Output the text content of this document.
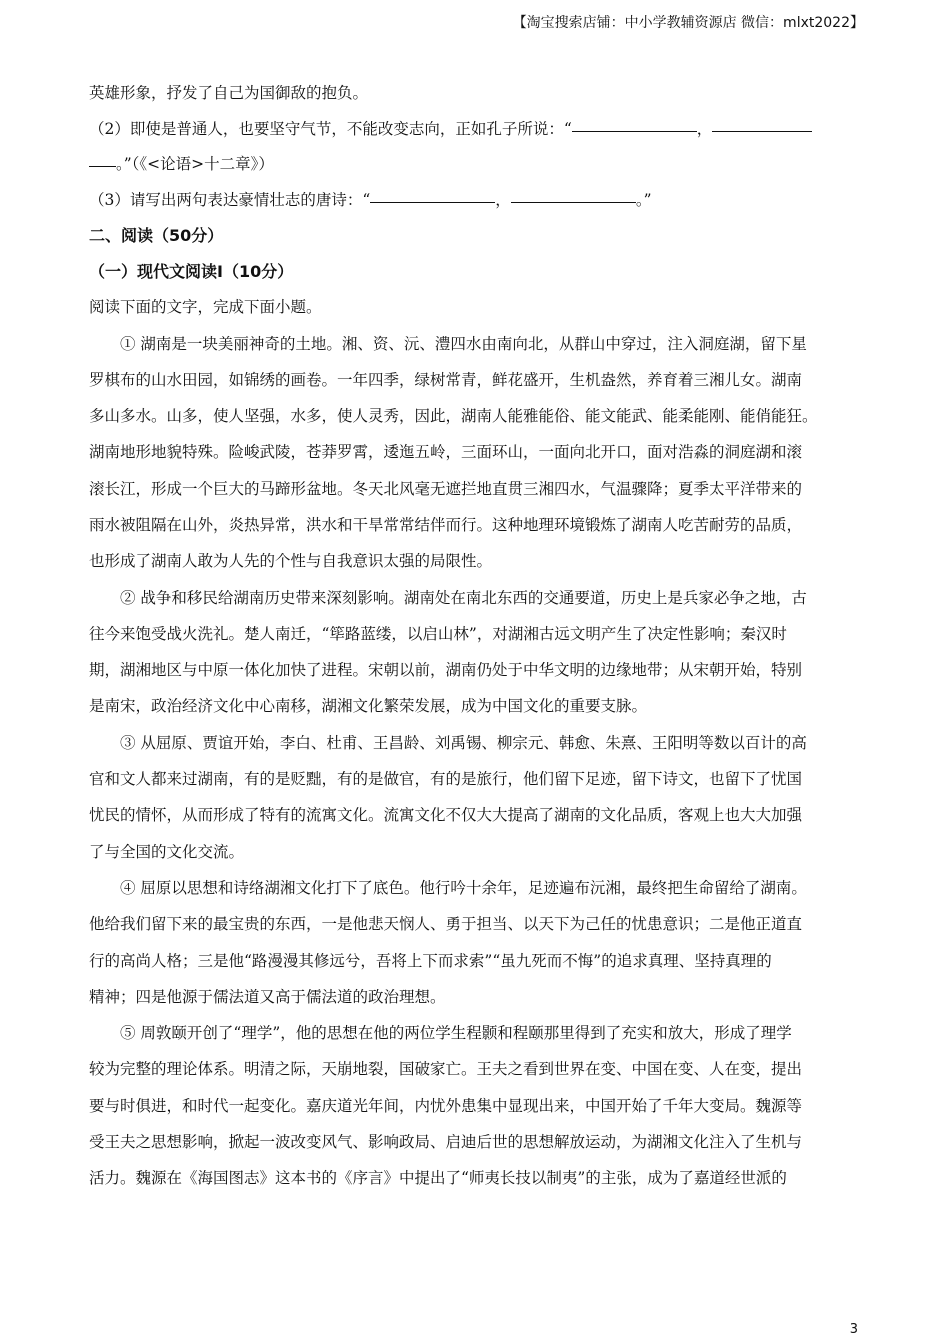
【淘宝搜索店铺：中小学教辅资源店 微信：mlxt2022】
英雄形象，抒发了自己为国御敌的抱负。
（2）即使是普通人，也要坚守气节，不能改变志向，正如孔子所说：“	，
。”（《<论语>十二章》）
（3）请写出两句表达豪情壮志的唐诗：“	，	。”
二、阅读（50分）
（一）现代文阅读Ⅰ（10分）
阅读下面的文字，完成下面小题。
① 湖南是一块美丽神奇的土地。湘、资、沅、澧四水由南向北，从群山中穿过，注入洞庭湖，留下星
罗棋布的山水田园，如锦绣的画卷。一年四季，绿树常青，鲜花盛开，生机盎然，养育着三湘儿女。湖南
多山多水。山多，使人坚强，水多，使人灵秀，因此，湖南人能雅能俗、能文能武、能柔能刚、能俏能狂。
湖南地形地貌特殊。险峻武陵，苍莽罗霄，逶迤五岭，三面环山，一面向北开口，面对浩淼的洞庭湖和滚
滚长江，形成一个巨大的马蹄形盆地。冬天北风毫无遮拦地直贯三湘四水，气温骤降；夏季太平洋带来的
雨水被阻隔在山外，炎热异常，洪水和干旱常常结伴而行。这种地理环境锻炼了湖南人吃苦耐劳的品质，
也形成了湖南人敢为人先的个性与自我意识太强的局限性。
② 战争和移民给湖南历史带来深刻影响。湖南处在南北东西的交通要道，历史上是兵家必争之地，古
往今来饱受战火洗礼。楚人南迁，“筚路蓝缕，以启山林”，对湖湘古远文明产生了决定性影响；秦汉时
期，湖湘地区与中原一体化加快了进程。宋朝以前，湖南仍处于中华文明的边缘地带；从宋朝开始，特别
是南宋，政治经济文化中心南移，湖湘文化繁荣发展，成为中国文化的重要支脉。
③ 从屈原、贾谊开始，李白、杜甫、王昌龄、刘禹锡、柳宗元、韩愈、朱熹、王阳明等数以百计的高
官和文人都来过湖南，有的是贬黜，有的是做官，有的是旅行，他们留下足迹，留下诗文，也留下了忧国
忧民的情怀，从而形成了特有的流寓文化。流寓文化不仅大大提高了湖南的文化品质，客观上也大大加强
了与全国的文化交流。
④ 屈原以思想和诗络湖湘文化打下了底色。他行吟十余年，足迹遍布沅湘，最终把生命留给了湖南。
他给我们留下来的最宝贵的东西，一是他悲天悯人、勇于担当、以天下为己任的忧患意识；二是他正道直
行的高尚人格；三是他“路漫漫其修远兮，吾将上下而求索”“虽九死而不悔”的追求真理、坚持真理的
精神；四是他源于儒法道又高于儒法道的政治理想。
⑤ 周敦颐开创了“理学”，他的思想在他的两位学生程颢和程颐那里得到了充实和放大，形成了理学
较为完整的理论体系。明清之际，天崩地裂，国破家亡。王夫之看到世界在变、中国在变、人在变，提出
要与时俱进，和时代一起变化。嘉庆道光年间，内忧外患集中显现出来，中国开始了千年大变局。魏源等
受王夫之思想影响，掀起一波改变风气、影响政局、启迪后世的思想解放运动，为湖湘文化注入了生机与
活力。魏源在《海国图志》这本书的《序言》中提出了“师夷长技以制夷”的主张，成为了嘉道经世派的
3
